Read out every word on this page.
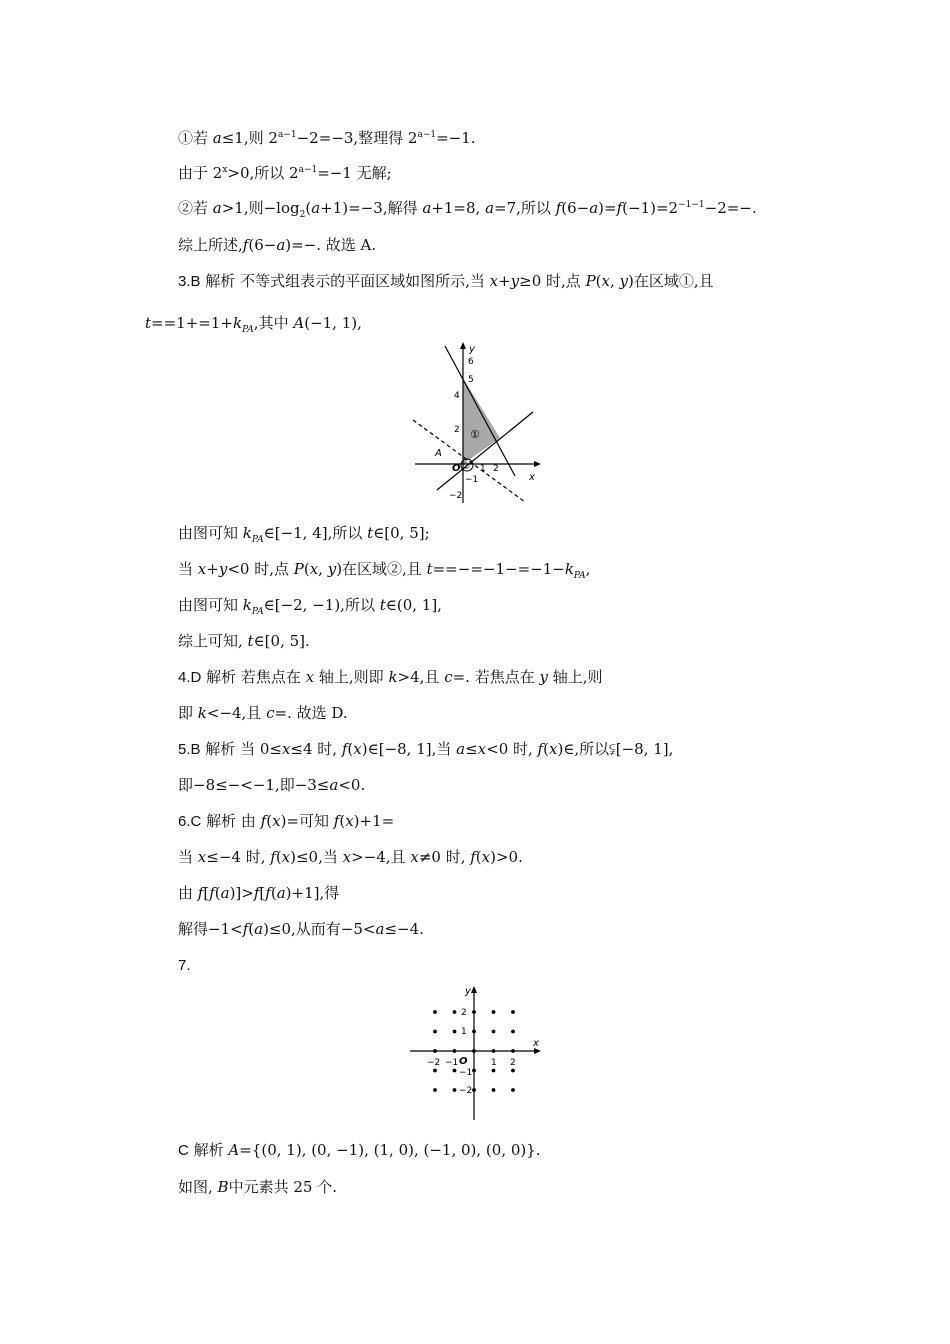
①若 a≤1,则 $2^{a-1}-2=-3$,整理得 $2^{a-1}=-1$.
由于 $2^x>0$,所以 $2^{a-1}=-1$ 无解;
②若 a>1,则$-\log_2(a+1)=-3$,解得 a+1=8, a=7,所以 $f(6-a)=f(-1)=2^{-1-1}-2=-$.
综上所述,f(6−a)=−. 故选 A.
3.B 解析 不等式组表示的平面区域如图所示,当 x+y≥0 时,点 P(x, y)在区域①,且
$t==1+=1+k_{PA}$,其中 A(−1, 1),
y
x
6
5
4
2
−1
−2
1 2
O
A
①
②
由图可知 $k_{PA}\in[-1$, 4],所以 t∈[0, 5];
当 x+y<0 时,点 P(x, y)在区域②,且 $t==-=-1-=-1-k_{PA}$,
由图可知 $k_{PA}\in[-2$, −1),所以 t∈(0, 1],
综上可知, t∈[0, 5].
4.D 解析 若焦点在 x 轴上,则即 k>4,且 c=. 若焦点在 y 轴上,则
即 k<−4,且 c=. 故选 D.
5.B 解析 当 0≤x≤4 时, f(x)∈[−8, 1],当 a≤x<0 时, f(x)∈,所以⫋[−8, 1],
即−8≤−<−1,即−3≤a<0.
6.C 解析 由 f(x)=可知 f(x)+1=
当 x≤−4 时, f(x)≤0,当 x>−4,且 x≠0 时, f(x)>0.
由 f[f(a)]>f[f(a)+1],得
解得−1<f(a)≤0,从而有−5<a≤−4.
7.
y
x
2
1
−1
−2
−2 −1	1 2
O
C 解析 A={(0, 1), (0, −1), (1, 0), (−1, 0), (0, 0)}.
如图, B中元素共 25 个.
